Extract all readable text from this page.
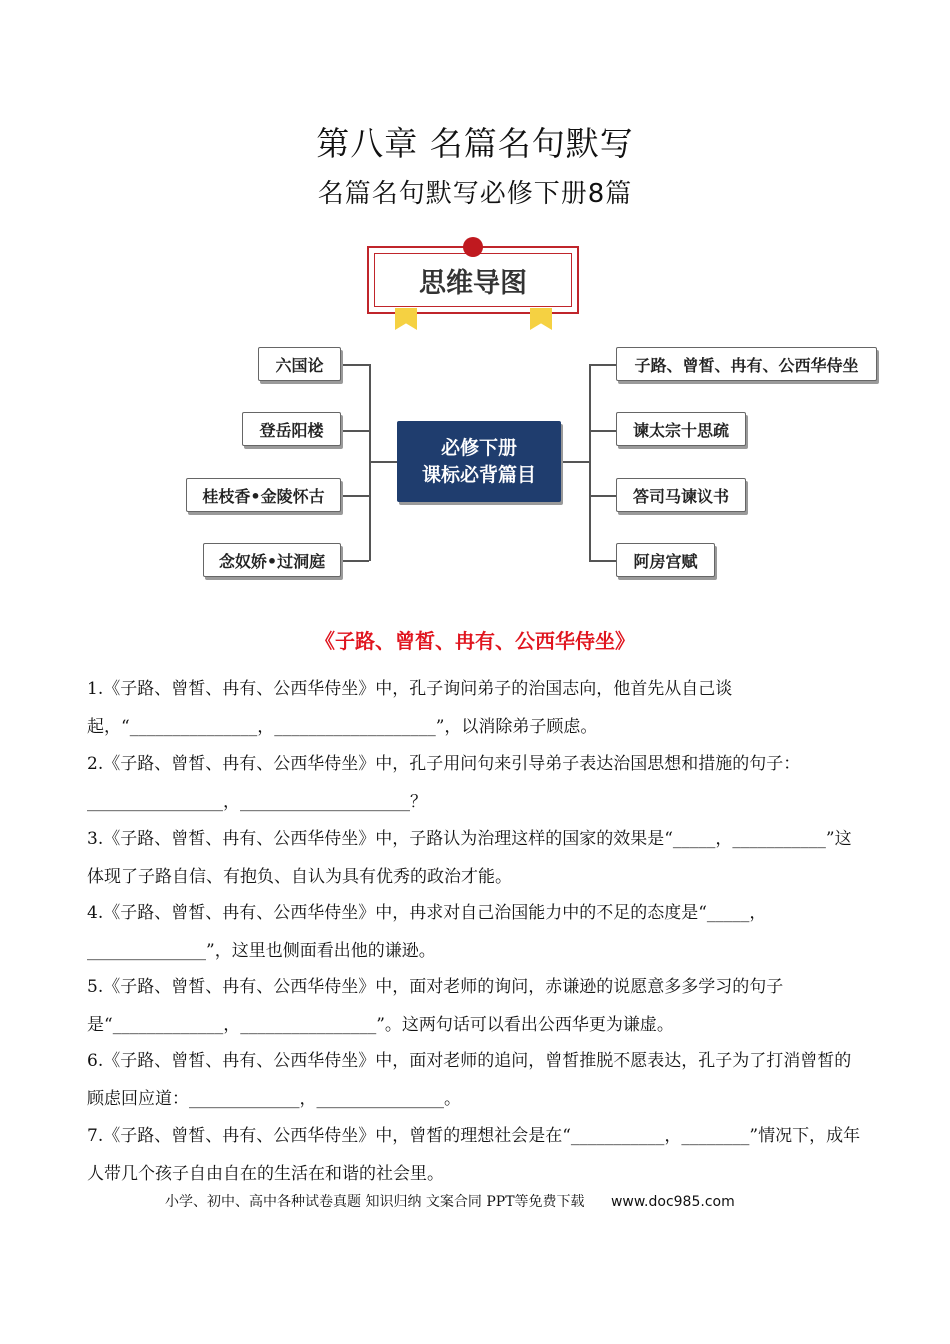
第八章 名篇名句默写
名篇名句默写必修下册8篇
思维导图
必修下册
课标必背篇目
六国论
登岳阳楼
桂枝香•金陵怀古
念奴娇•过洞庭
子路、曾皙、冉有、公西华侍坐
谏太宗十思疏
答司马谏议书
阿房宫赋
《子路、曾皙、冉有、公西华侍坐》
1.《子路、曾皙、冉有、公西华侍坐》中，孔子询问弟子的治国志向，他首先从自己谈起，“_______________，___________________”，以消除弟子顾虑。
2.《子路、曾皙、冉有、公西华侍坐》中，孔子用问句来引导弟子表达治国思想和措施的句子：________________，____________________？
3.《子路、曾皙、冉有、公西华侍坐》中，子路认为治理这样的国家的效果是“_____，___________”这体现了子路自信、有抱负、自认为具有优秀的政治才能。
4.《子路、曾皙、冉有、公西华侍坐》中，冉求对自己治国能力中的不足的态度是“_____，______________”，这里也侧面看出他的谦逊。
5.《子路、曾皙、冉有、公西华侍坐》中，面对老师的询问，赤谦逊的说愿意多多学习的句子是“_____________，________________”。这两句话可以看出公西华更为谦虚。
6.《子路、曾皙、冉有、公西华侍坐》中，面对老师的追问，曾皙推脱不愿表达，孔子为了打消曾皙的顾虑回应道：_____________，_______________。
7.《子路、曾皙、冉有、公西华侍坐》中，曾皙的理想社会是在“___________，________”情况下，成年人带几个孩子自由自在的生活在和谐的社会里。
小学、初中、高中各种试卷真题 知识归纳 文案合同 PPT等免费下载 www.doc985.com
